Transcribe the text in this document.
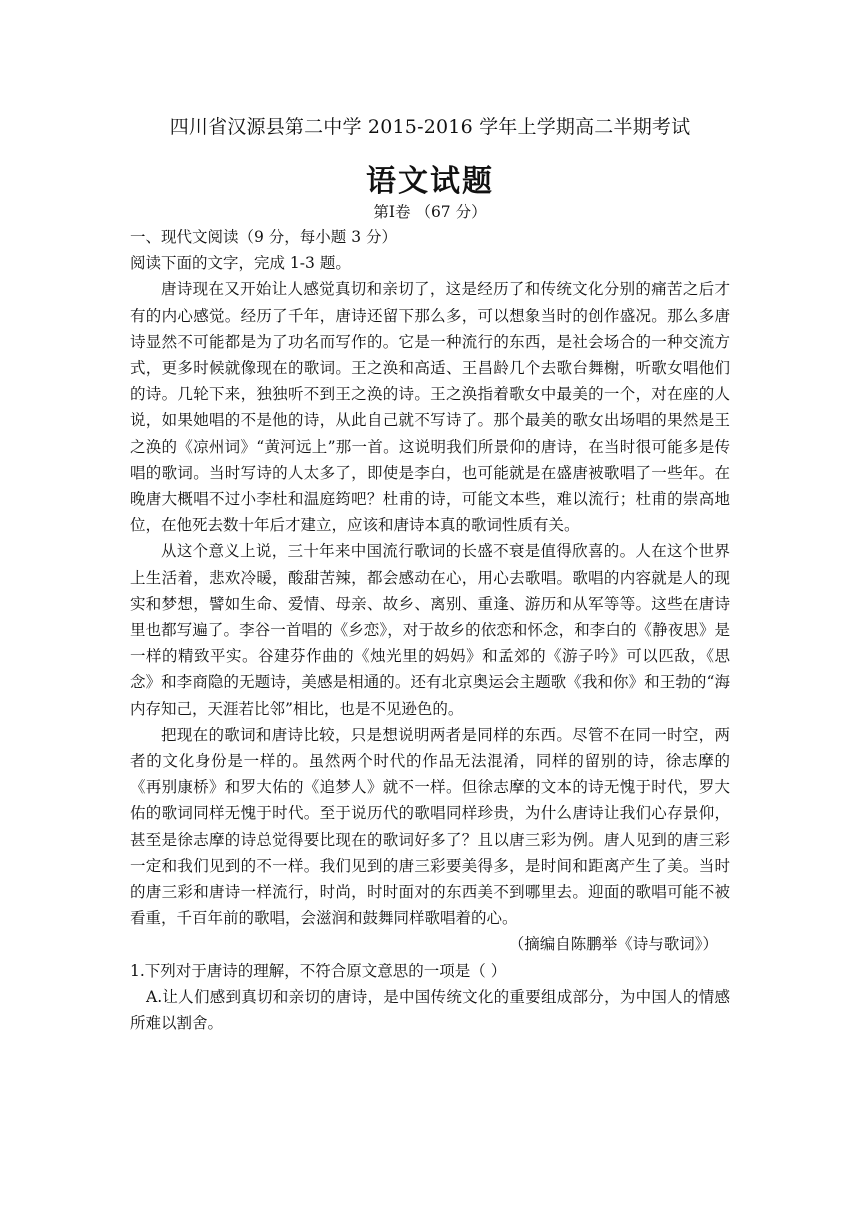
四川省汉源县第二中学 2015-2016 学年上学期高二半期考试
语文试题
第Ⅰ卷 （67 分）

一、现代文阅读（9 分，每小题 3 分）

阅读下面的文字，完成 1-3 题。

唐诗现在又开始让人感觉真切和亲切了，这是经历了和传统文化分别的痛苦之后才有的内心感觉。经历了千年，唐诗还留下那么多，可以想象当时的创作盛况。那么多唐诗显然不可能都是为了功名而写作的。它是一种流行的东西，是社会场合的一种交流方式，更多时候就像现在的歌词。王之涣和高适、王昌龄几个去歌台舞榭，听歌女唱他们的诗。几轮下来，独独听不到王之涣的诗。王之涣指着歌女中最美的一个，对在座的人说，如果她唱的不是他的诗，从此自己就不写诗了。那个最美的歌女出场唱的果然是王之涣的《凉州词》“黄河远上”那一首。这说明我们所景仰的唐诗，在当时很可能多是传唱的歌词。当时写诗的人太多了，即使是李白，也可能就是在盛唐被歌唱了一些年。在晚唐大概唱不过小李杜和温庭筠吧？杜甫的诗，可能文本些，难以流行；杜甫的崇高地位，在他死去数十年后才建立，应该和唐诗本真的歌词性质有关。

从这个意义上说，三十年来中国流行歌词的长盛不衰是值得欣喜的。人在这个世界上生活着，悲欢冷暖，酸甜苦辣，都会感动在心，用心去歌唱。歌唱的内容就是人的现实和梦想，譬如生命、爱情、母亲、故乡、离别、重逢、游历和从军等等。这些在唐诗里也都写遍了。李谷一首唱的《乡恋》，对于故乡的依恋和怀念，和李白的《静夜思》是一样的精致平实。谷建芬作曲的《烛光里的妈妈》和孟郊的《游子吟》可以匹敌，《思念》和李商隐的无题诗，美感是相通的。还有北京奥运会主题歌《我和你》和王勃的“海内存知己，天涯若比邻”相比，也是不见逊色的。

把现在的歌词和唐诗比较，只是想说明两者是同样的东西。尽管不在同一时空，两者的文化身份是一样的。虽然两个时代的作品无法混淆，同样的留别的诗，徐志摩的《再别康桥》和罗大佑的《追梦人》就不一样。但徐志摩的文本的诗无愧于时代，罗大佑的歌词同样无愧于时代。至于说历代的歌唱同样珍贵，为什么唐诗让我们心存景仰，甚至是徐志摩的诗总觉得要比现在的歌词好多了？且以唐三彩为例。唐人见到的唐三彩一定和我们见到的不一样。我们见到的唐三彩要美得多，是时间和距离产生了美。当时的唐三彩和唐诗一样流行，时尚，时时面对的东西美不到哪里去。迎面的歌唱可能不被看重，千百年前的歌唱，会滋润和鼓舞同样歌唱着的心。

（摘编自陈鹏举《诗与歌词》）

1.下列对于唐诗的理解，不符合原文意思的一项是（ ）

A.让人们感到真切和亲切的唐诗，是中国传统文化的重要组成部分，为中国人的情感 所难以割舍。
